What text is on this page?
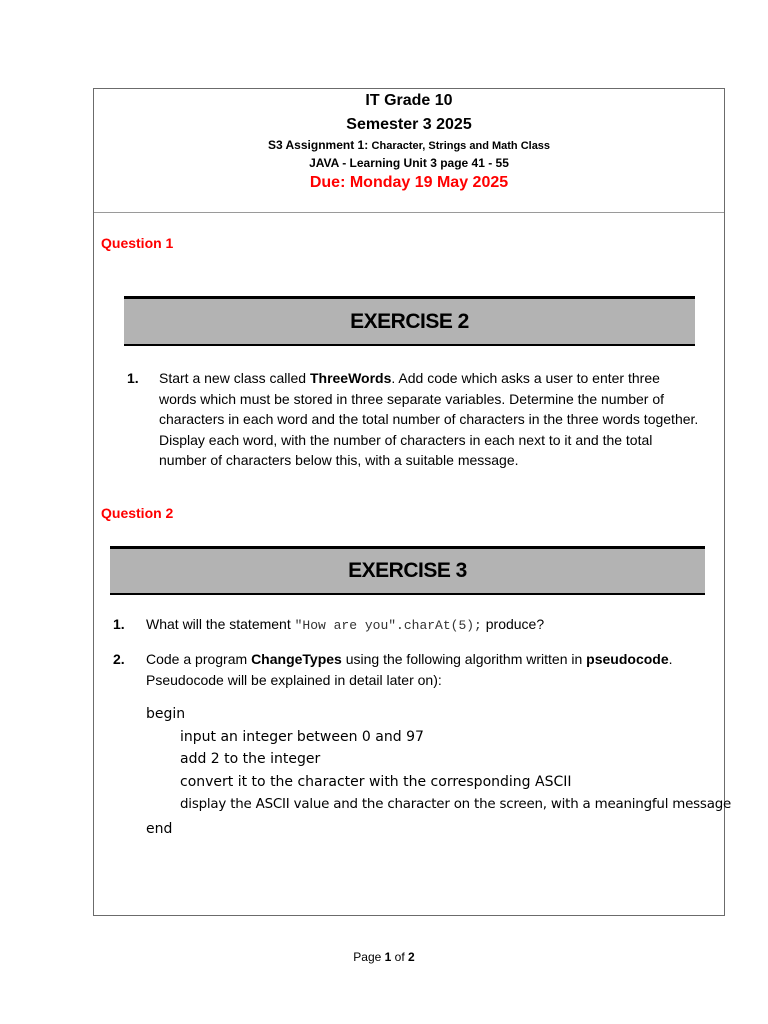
IT Grade 10
Semester 3 2025
S3 Assignment 1: Character, Strings and Math Class
JAVA - Learning Unit 3 page 41 - 55
Due: Monday 19 May 2025
Question 1
EXERCISE 2
1. Start a new class called ThreeWords. Add code which asks a user to enter three words which must be stored in three separate variables. Determine the number of characters in each word and the total number of characters in the three words together. Display each word, with the number of characters in each next to it and the total number of characters below this, with a suitable message.
Question 2
EXERCISE 3
1. What will the statement "How are you".charAt(5); produce?
2. Code a program ChangeTypes using the following algorithm written in pseudocode.
Pseudocode will be explained in detail later on):
begin
input an integer between 0 and 97
add 2 to the integer
convert it to the character with the corresponding ASCII
display the ASCII value and the character on the screen, with a meaningful message
end
Page 1 of 2
